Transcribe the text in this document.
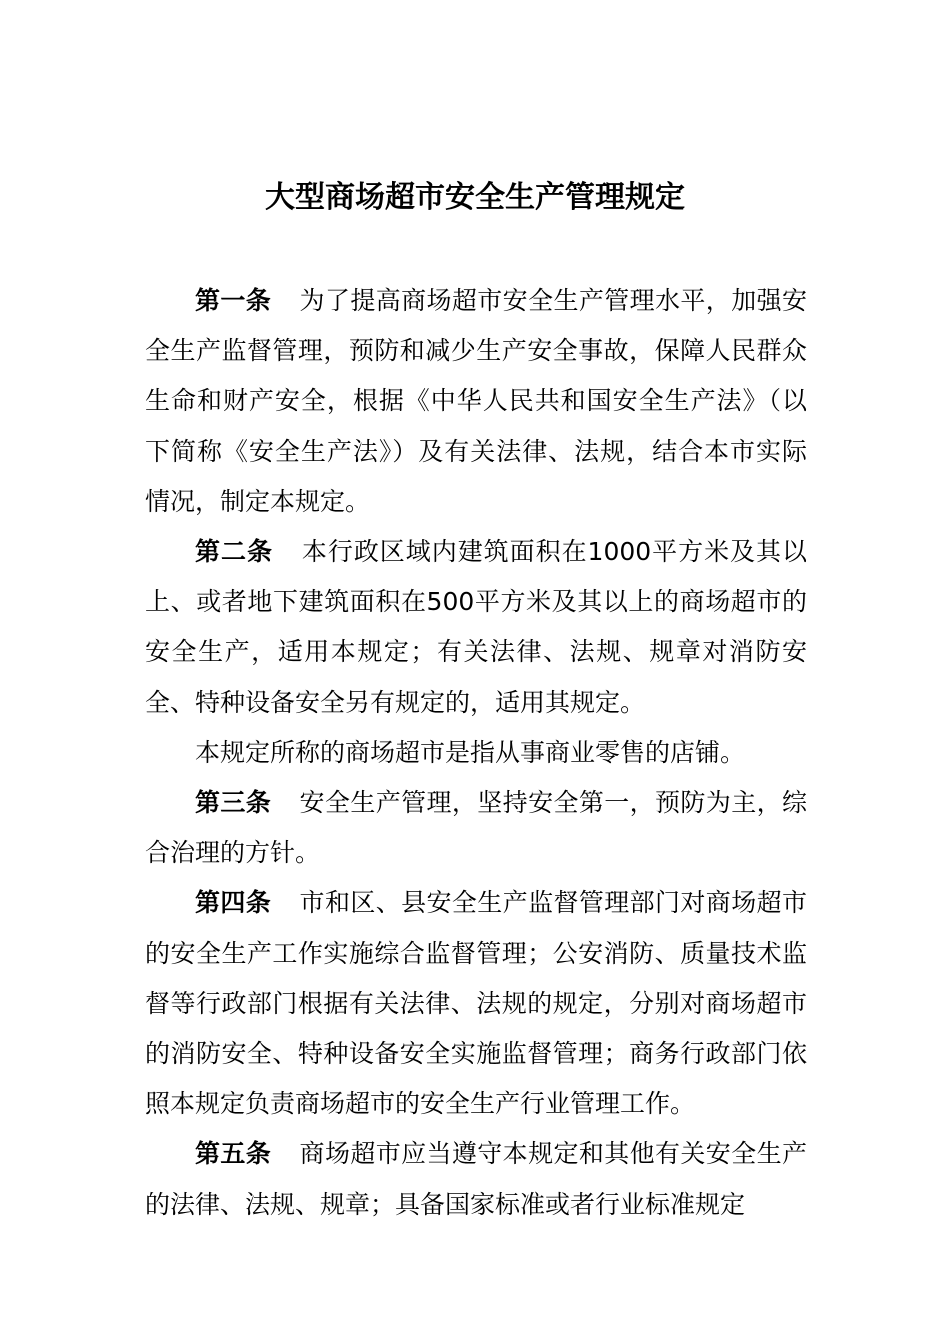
大型商场超市安全生产管理规定

第一条 为了提高商场超市安全生产管理水平，加强安全生产监督管理，预防和减少生产安全事故，保障人民群众生命和财产安全，根据《中华人民共和国安全生产法》（以下简称《安全生产法》）及有关法律、法规，结合本市实际情况，制定本规定。

第二条 本行政区域内建筑面积在1000平方米及其以上、或者地下建筑面积在500平方米及其以上的商场超市的安全生产，适用本规定；有关法律、法规、规章对消防安全、特种设备安全另有规定的，适用其规定。

本规定所称的商场超市是指从事商业零售的店铺。

第三条 安全生产管理，坚持安全第一，预防为主，综合治理的方针。

第四条 市和区、县安全生产监督管理部门对商场超市的安全生产工作实施综合监督管理；公安消防、质量技术监督等行政部门根据有关法律、法规的规定，分别对商场超市的消防安全、特种设备安全实施监督管理；商务行政部门依照本规定负责商场超市的安全生产行业管理工作。

第五条 商场超市应当遵守本规定和其他有关安全生产的法律、法规、规章；具备国家标准或者行业标准规定
